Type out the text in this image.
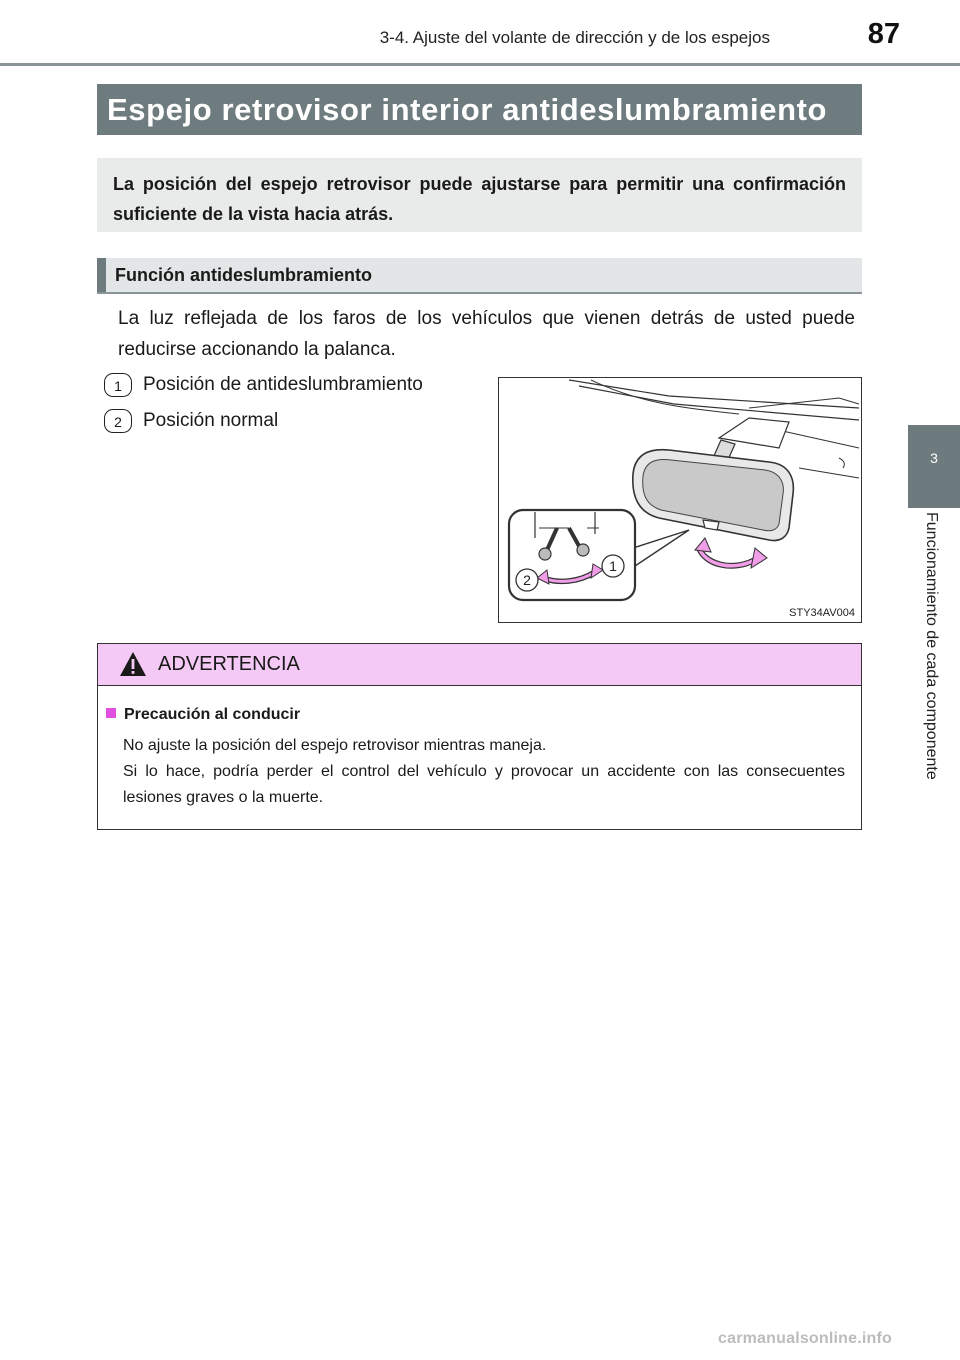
3-4. Ajuste del volante de dirección y de los espejos	87
3
Funcionamiento de cada componente
Espejo retrovisor interior antideslumbramiento
La posición del espejo retrovisor puede ajustarse para permitir una confirmación suficiente de la vista hacia atrás.
Función antideslumbramiento
La luz reflejada de los faros de los vehículos que vienen detrás de usted puede reducirse accionando la palanca.
1	Posición de antideslumbramiento
2	Posición normal
2
1
STY34AV004
ADVERTENCIA
Precaución al conducir

No ajuste la posición del espejo retrovisor mientras maneja.

Si lo hace, podría perder el control del vehículo y provocar un accidente con las consecuentes lesiones graves o la muerte.

carmanualsonline.info
